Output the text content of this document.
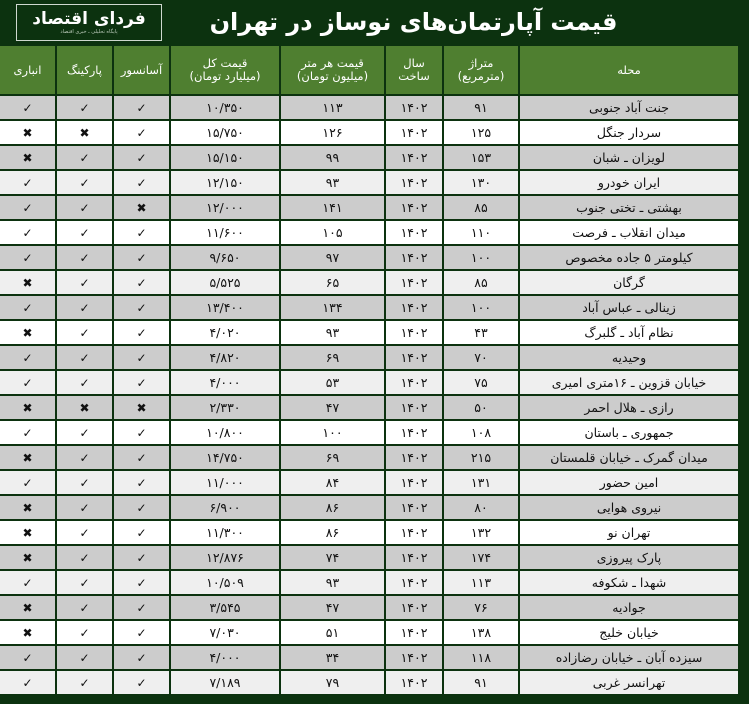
قیمت آپارتمان‌های نوساز در تهران
فردای اقتصاد
پایگاه تحلیلی ـ خبری اقتصاد
محله

متراژ
(مترمربع)

سال
ساخت

قیمت هر متر
(میلیون تومان)

قیمت کل
(میلیارد تومان)

آسانسور

پارکینگ

انباری

جنت آباد جنوبی	۹۱	۱۴۰۲	۱۱۳	۱۰/۳۵۰	✓	✓	✓
سردار جنگل	۱۲۵	۱۴۰۲	۱۲۶	۱۵/۷۵۰	✓	✖	✖
لویزان ـ شبان	۱۵۳	۱۴۰۲	۹۹	۱۵/۱۵۰	✓	✓	✖
ایران خودرو	۱۳۰	۱۴۰۲	۹۳	۱۲/۱۵۰	✓	✓	✓
بهشتی ـ تختی جنوب	۸۵	۱۴۰۲	۱۴۱	۱۲/۰۰۰	✖	✓	✓
میدان انقلاب ـ فرصت	۱۱۰	۱۴۰۲	۱۰۵	۱۱/۶۰۰	✓	✓	✓
کیلومتر ۵ جاده مخصوص	۱۰۰	۱۴۰۲	۹۷	۹/۶۵۰	✓	✓	✓
گرگان	۸۵	۱۴۰۲	۶۵	۵/۵۲۵	✓	✓	✖
زینالی ـ عباس آباد	۱۰۰	۱۴۰۲	۱۳۴	۱۳/۴۰۰	✓	✓	✓
نظام آباد ـ گلبرگ	۴۳	۱۴۰۲	۹۳	۴/۰۲۰	✓	✓	✖
وحیدیه	۷۰	۱۴۰۲	۶۹	۴/۸۲۰	✓	✓	✓
خیابان قزوین ـ ۱۶متری امیری	۷۵	۱۴۰۲	۵۳	۴/۰۰۰	✓	✓	✓
رازی ـ هلال احمر	۵۰	۱۴۰۲	۴۷	۲/۳۳۰	✖	✖	✖
جمهوری ـ باستان	۱۰۸	۱۴۰۲	۱۰۰	۱۰/۸۰۰	✓	✓	✓
میدان گمرک ـ خیابان قلمستان	۲۱۵	۱۴۰۲	۶۹	۱۴/۷۵۰	✓	✓	✖
امین حضور	۱۳۱	۱۴۰۲	۸۴	۱۱/۰۰۰	✓	✓	✓
نیروی هوایی	۸۰	۱۴۰۲	۸۶	۶/۹۰۰	✓	✓	✖
تهران نو	۱۳۲	۱۴۰۲	۸۶	۱۱/۳۰۰	✓	✓	✖
پارک پیروزی	۱۷۴	۱۴۰۲	۷۴	۱۲/۸۷۶	✓	✓	✖
شهدا ـ شکوفه	۱۱۳	۱۴۰۲	۹۳	۱۰/۵۰۹	✓	✓	✓
جوادیه	۷۶	۱۴۰۲	۴۷	۳/۵۴۵	✓	✓	✖
خیابان خلیج	۱۳۸	۱۴۰۲	۵۱	۷/۰۳۰	✓	✓	✖
سیزده آبان ـ خیابان رضازاده	۱۱۸	۱۴۰۲	۳۴	۴/۰۰۰	✓	✓	✓
تهرانسر غربی	۹۱	۱۴۰۲	۷۹	۷/۱۸۹	✓	✓	✓
